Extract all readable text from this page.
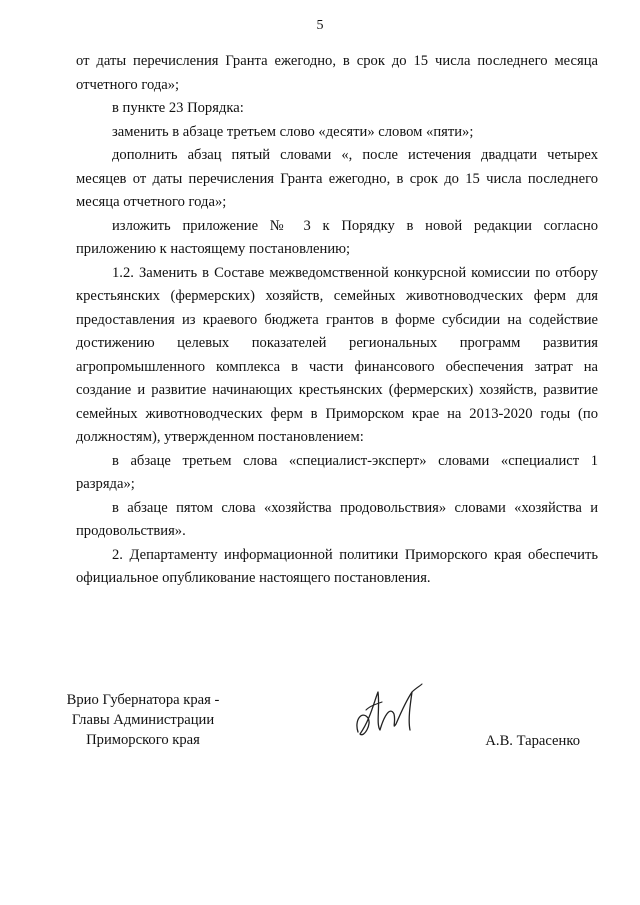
5

от даты перечисления Гранта ежегодно, в срок до 15 числа последнего месяца отчетного года»;

в пункте 23 Порядка:

заменить в абзаце третьем слово «десяти» словом «пяти»;

дополнить абзац пятый словами «, после истечения двадцати четырех месяцев от даты перечисления Гранта ежегодно, в срок до 15 числа последнего месяца отчетного года»;

изложить приложение № 3 к Порядку в новой редакции согласно приложению к настоящему постановлению;

1.2. Заменить в Составе межведомственной конкурсной комиссии по отбору крестьянских (фермерских) хозяйств, семейных животноводческих ферм для предоставления из краевого бюджета грантов в форме субсидии на содействие достижению целевых показателей региональных программ развития агропромышленного комплекса в части финансового обеспечения затрат на создание и развитие начинающих крестьянских (фермерских) хозяйств, развитие семейных животноводческих ферм в Приморском крае на 2013-2020 годы (по должностям), утвержденном постановлением:

в абзаце третьем слова «специалист-эксперт» словами «специалист 1 разряда»;

в абзаце пятом слова «хозяйства продовольствия» словами «хозяйства и продовольствия».

2. Департаменту информационной политики Приморского края обеспечить официальное опубликование настоящего постановления.

Врио Губернатора края -
Главы Администрации
Приморского края	А.В. Тарасенко
